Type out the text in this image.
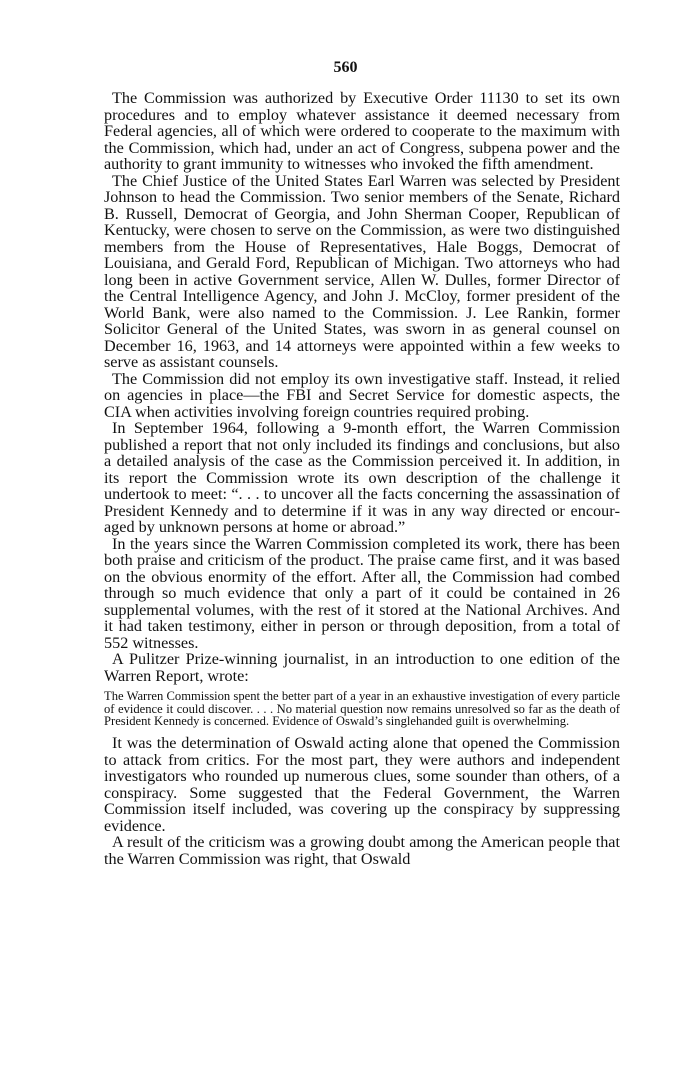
560

The Commission was authorized by Executive Order 11130 to set its own procedures and to employ whatever assistance it deemed necessary from Federal agencies, all of which were ordered to cooperate to the maximum with the Commission, which had, under an act of Congress, subpena power and the authority to grant immunity to witnesses who invoked the fifth amendment.

The Chief Justice of the United States Earl Warren was selected by President Johnson to head the Commission. Two senior members of the Senate, Richard B. Russell, Democrat of Georgia, and John Sherman Cooper, Republican of Kentucky, were chosen to serve on the Commission, as were two distinguished members from the House of Representatives, Hale Boggs, Democrat of Louisiana, and Gerald Ford, Republican of Michigan. Two attorneys who had long been in active Government service, Allen W. Dulles, former Director of the Central Intelligence Agency, and John J. McCloy, former president of the World Bank, were also named to the Commission. J. Lee Rankin, former Solicitor General of the United States, was sworn in as general counsel on December 16, 1963, and 14 attorneys were appointed within a few weeks to serve as assistant counsels.

The Commission did not employ its own investigative staff. Instead, it relied on agencies in place—the FBI and Secret Service for domestic aspects, the CIA when activities involving foreign countries required probing.

In September 1964, following a 9-month effort, the Warren Commission published a report that not only included its findings and conclusions, but also a detailed analysis of the case as the Commission perceived it. In addition, in its report the Commission wrote its own description of the challenge it undertook to meet: “. . . to uncover all the facts concerning the assassination of President Kennedy and to determine if it was in any way directed or encouraged by unknown persons at home or abroad.”

In the years since the Warren Commission completed its work, there has been both praise and criticism of the product. The praise came first, and it was based on the obvious enormity of the effort. After all, the Commission had combed through so much evidence that only a part of it could be contained in 26 supplemental volumes, with the rest of it stored at the National Archives. And it had taken testimony, either in person or through deposition, from a total of 552 witnesses.

A Pulitzer Prize-winning journalist, in an introduction to one edition of the Warren Report, wrote:

The Warren Commission spent the better part of a year in an exhaustive investigation of every particle of evidence it could discover. . . . No material question now remains unresolved so far as the death of President Kennedy is concerned. Evidence of Oswald’s singlehanded guilt is overwhelming.

It was the determination of Oswald acting alone that opened the Commission to attack from critics. For the most part, they were authors and independent investigators who rounded up numerous clues, some sounder than others, of a conspiracy. Some suggested that the Federal Government, the Warren Commission itself included, was covering up the conspiracy by suppressing evidence.

A result of the criticism was a growing doubt among the American people that the Warren Commission was right, that Oswald
